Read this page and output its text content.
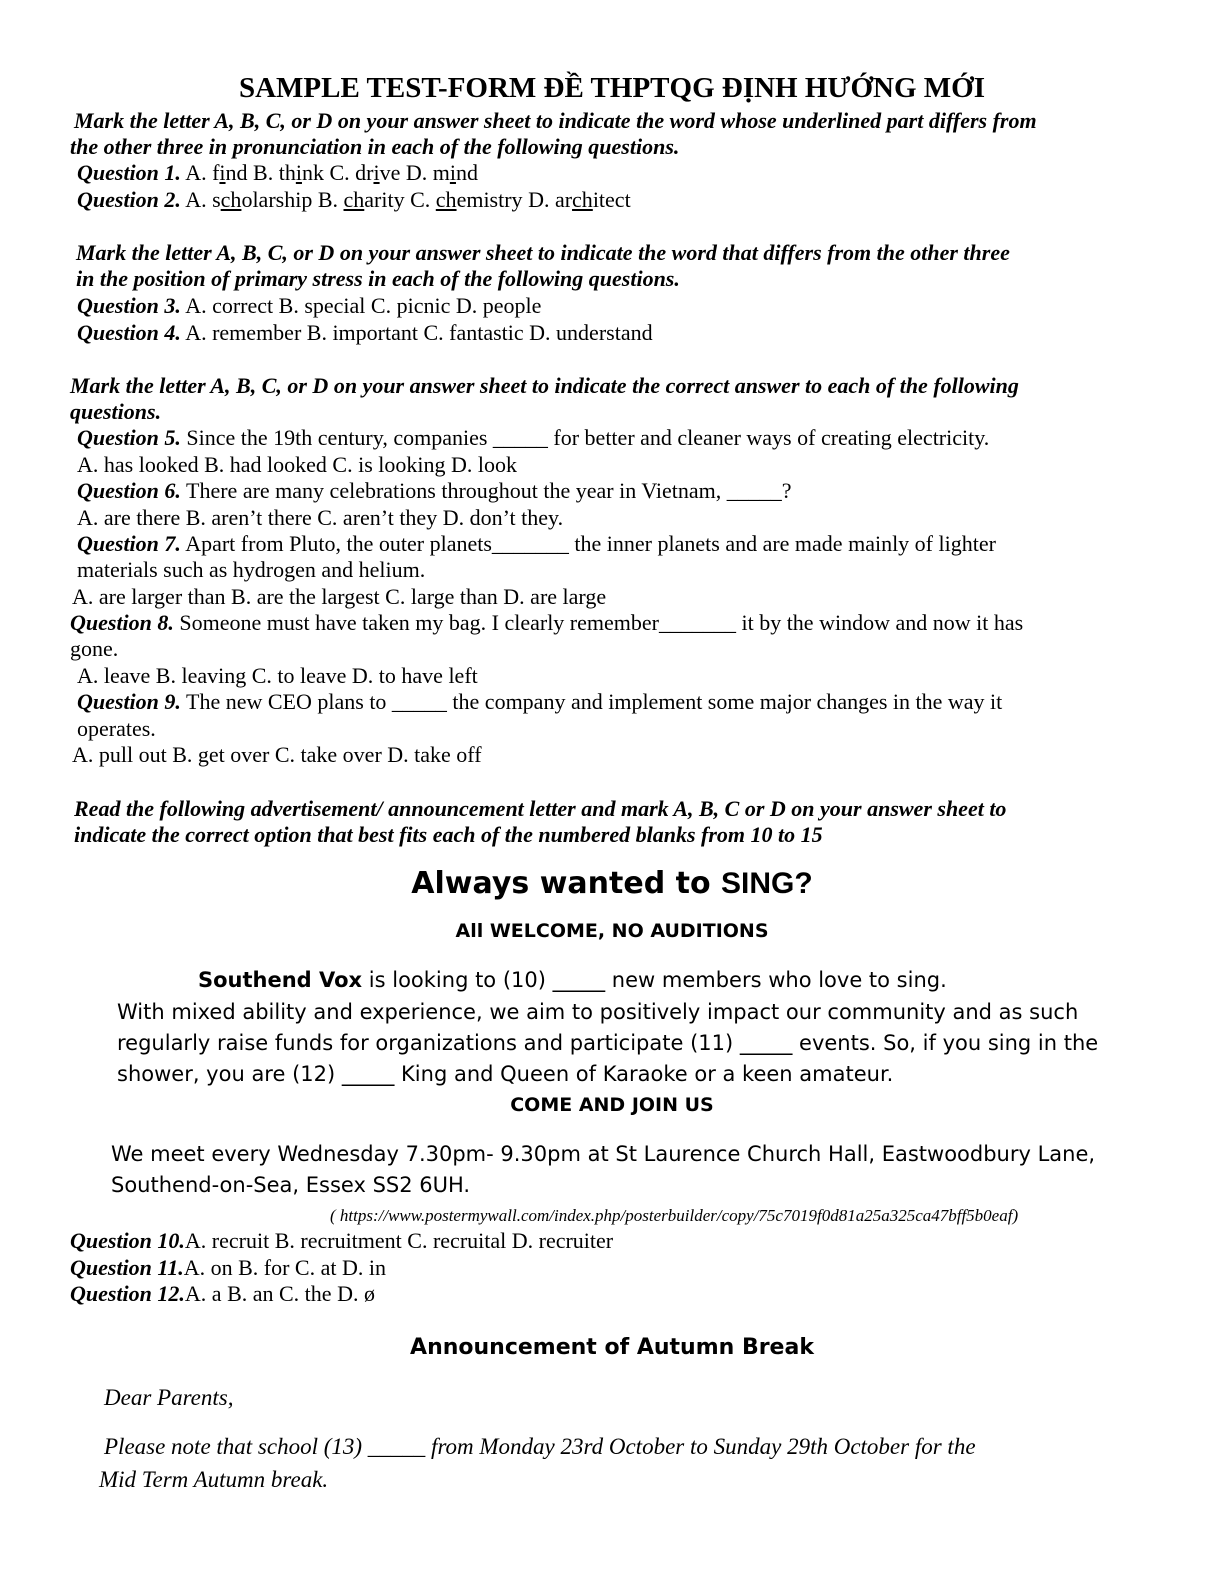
SAMPLE TEST-FORM ĐỀ THPTQG ĐỊNH HƯỚNG MỚI
Mark the letter A, B, C, or D on your answer sheet to indicate the word whose underlined part differs from
the other three in pronunciation in each of the following questions.
Question 1. A. find B. think C. drive D. mind
Question 2. A. scholarship B. charity C. chemistry D. architect
Mark the letter A, B, C, or D on your answer sheet to indicate the word that differs from the other three
in the position of primary stress in each of the following questions.
Question 3. A. correct B. special C. picnic D. people
Question 4. A. remember B. important C. fantastic D. understand
Mark the letter A, B, C, or D on your answer sheet to indicate the correct answer to each of the following
questions.
Question 5. Since the 19th century, companies _____ for better and cleaner ways of creating electricity.
A. has looked B. had looked C. is looking D. look
Question 6. There are many celebrations throughout the year in Vietnam, _____?
A. are there B. aren’t there C. aren’t they D. don’t they.
Question 7. Apart from Pluto, the outer planets_______ the inner planets and are made mainly of lighter
materials such as hydrogen and helium.
A. are larger than B. are the largest C. large than D. are large
Question 8. Someone must have taken my bag. I clearly remember_______ it by the window and now it has
gone.
A. leave B. leaving C. to leave D. to have left
Question 9. The new CEO plans to _____ the company and implement some major changes in the way it
operates.
A. pull out B. get over C. take over D. take off
Read the following advertisement/ announcement letter and mark A, B, C or D on your answer sheet to
indicate the correct option that best fits each of the numbered blanks from 10 to 15
Always wanted to SING?
All WELCOME, NO AUDITIONS
Southend Vox is looking to (10) _____ new members who love to sing.
With mixed ability and experience, we aim to positively impact our community and as such
regularly raise funds for organizations and participate (11) _____ events. So, if you sing in the
shower, you are (12) _____ King and Queen of Karaoke or a keen amateur.
COME AND JOIN US
We meet every Wednesday 7.30pm- 9.30pm at St Laurence Church Hall, Eastwoodbury Lane,
Southend-on-Sea, Essex SS2 6UH.
( https://www.postermywall.com/index.php/posterbuilder/copy/75c7019f0d81a25a325ca47bff5b0eaf)
Question 10.A. recruit B. recruitment C. recruital D. recruiter
Question 11.A. on B. for C. at D. in
Question 12.A. a B. an C. the D. ø
Announcement of Autumn Break
Dear Parents,
Please note that school (13) _____ from Monday 23rd October to Sunday 29th October for the
Mid Term Autumn break.
